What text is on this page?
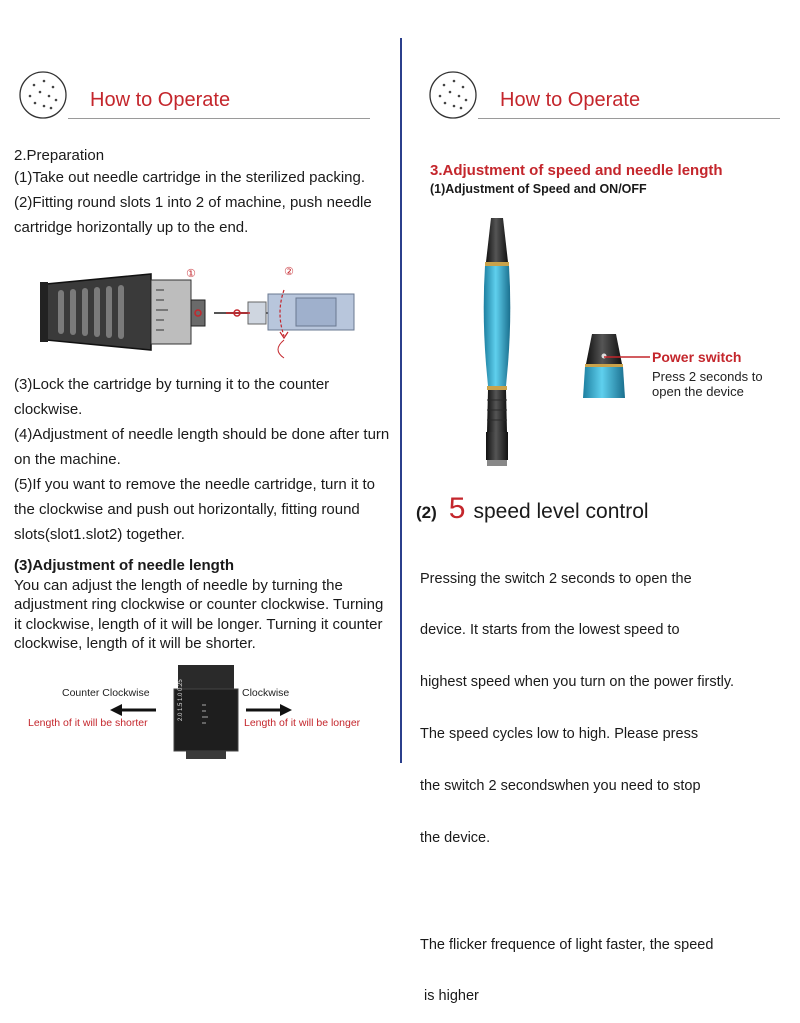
How to Operate

2.Preparation

(1)Take out needle cartridge in the sterilized packing.

(2)Fitting round slots 1 into 2 of machine, push needle cartridge horizontally up to the end.

①	②

(3)Lock the cartridge by turning it to the counter clockwise.

(4)Adjustment of needle length should be done after turn on the machine.

(5)If you want to remove the needle cartridge, turn it to the clockwise and push out horizontally, fitting round slots(slot1.slot2) together.

(3)Adjustment of needle length

You can adjust the length of needle by turning the adjustment ring clockwise or counter clockwise. Turning it clockwise, length of it will be longer. Turning it counter clockwise, length of it will be shorter.

2.0 1.5 1.0 0.25
Counter Clockwise	Clockwise
Length of it will be shorter	Length of it will be longer
How to Operate
3.Adjustment of speed and needle length
(1)Adjustment of Speed and ON/OFF
Power switch
Press 2 seconds to
open the device
(2) 5 speed level control

Pressing the switch 2 seconds to open the

device. It starts from the lowest speed to

highest speed when you turn on the power firstly.

The speed cycles low to high. Please press

the switch 2 secondswhen you need to stop

the device.

The flicker frequence of light faster, the speed

is higher
